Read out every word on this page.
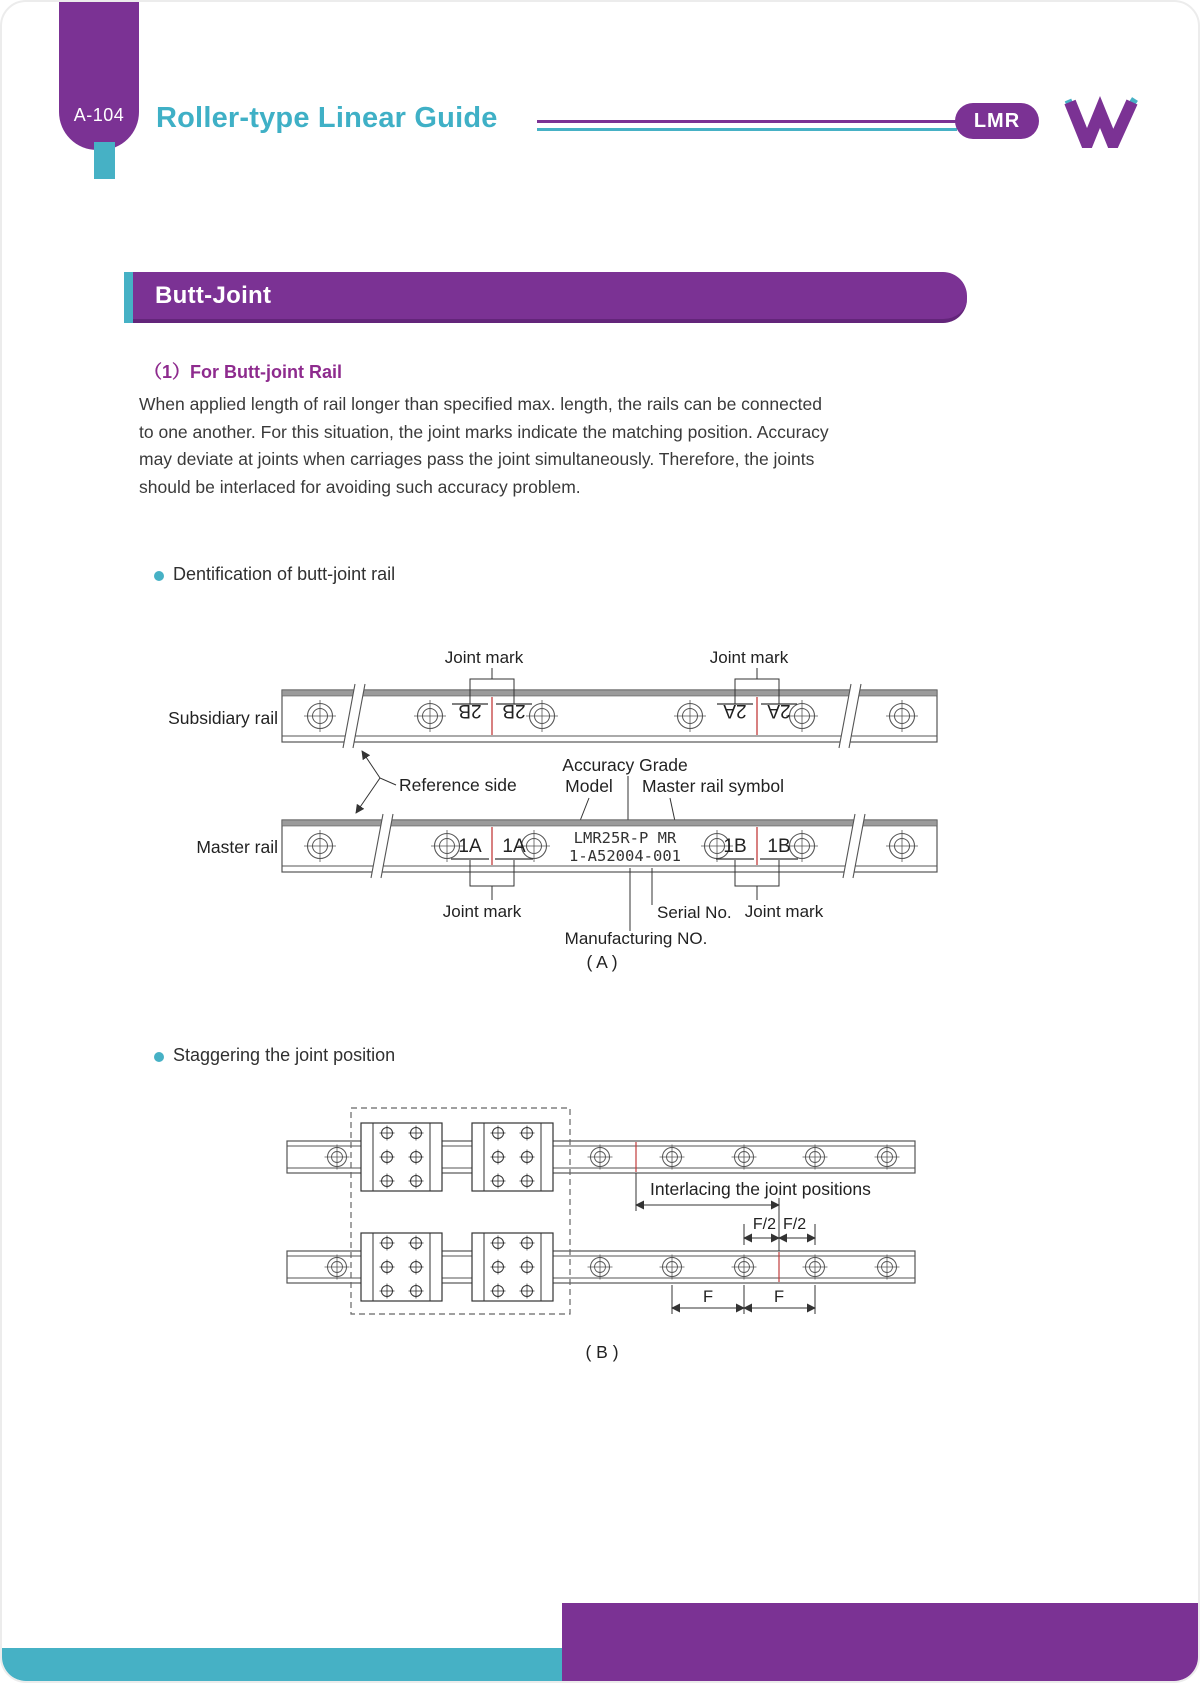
A-104	Roller-type Linear Guide	LMR
Butt-Joint
（1）For Butt-joint Rail
When applied length of rail longer than specified max. length, the rails can be connected
to one another. For this situation, the joint marks indicate the matching position. Accuracy
may deviate at joints when carriages pass the joint simultaneously. Therefore, the joints
should be interlaced for avoiding such accuracy problem.
Dentification of butt-joint rail
2B 2B	2A 2A
Subsidiary rail
Joint mark	Joint mark
Reference side
Accuracy Grade
Model Master rail symbol
LMR25R-P MR
1-A52004-001
1A 1A	1B 1B
Master rail
Joint mark	Joint mark
Serial No.
Manufacturing NO.
( A )
Staggering the joint position
Interlacing the joint positions
F/2 F/2
F	F
( B )
